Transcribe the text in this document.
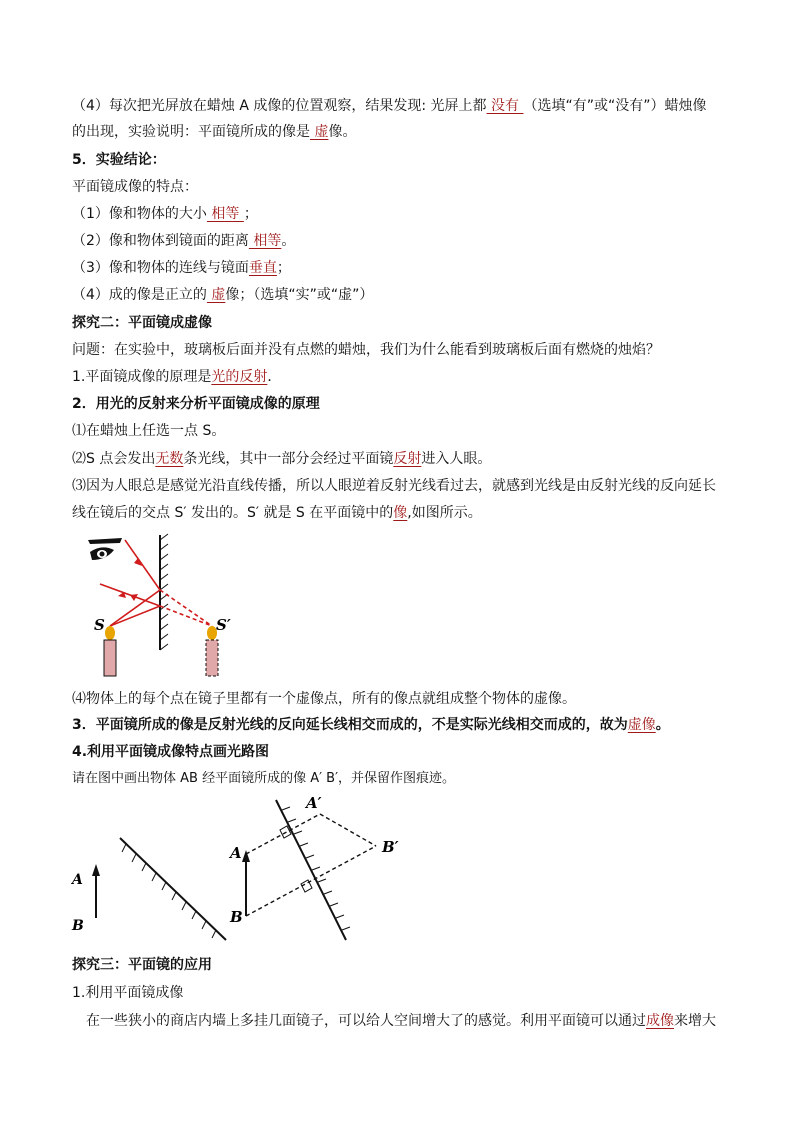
（4）每次把光屏放在蜡烛 A 成像的位置观察，结果发现: 光屏上都 没有 （选填“有”或“没有”）蜡烛像
的出现，实验说明：平面镜所成的像是 虚像。
5．实验结论：
平面镜成像的特点：
（1）像和物体的大小 相等 ；
（2）像和物体到镜面的距离 相等。
（3）像和物体的连线与镜面垂直；
（4）成的像是正立的 虚像；（选填“实”或“虚”）
探究二：平面镜成虚像
问题：在实验中，玻璃板后面并没有点燃的蜡烛，我们为什么能看到玻璃板后面有燃烧的烛焰？
1.平面镜成像的原理是光的反射．
2．用光的反射来分析平面镜成像的原理
⑴在蜡烛上任选一点 S。
⑵S 点会发出无数条光线，其中一部分会经过平面镜反射进入人眼。
⑶因为人眼总是感觉光沿直线传播，所以人眼逆着反射光线看过去，就感到光线是由反射光线的反向延长
线在镜后的交点 S′ 发出的。S′ 就是 S 在平面镜中的像,如图所示。
S	S′
⑷物体上的每个点在镜子里都有一个虚像点，所有的像点就组成整个物体的虚像。
3．平面镜所成的像是反射光线的反向延长线相交而成的，不是实际光线相交而成的，故为虚像。
4.利用平面镜成像特点画光路图
请在图中画出物体 AB 经平面镜所成的像 A′ B′，并保留作图痕迹。
A
B
A
B
A′
B′
探究三：平面镜的应用
1.利用平面镜成像
在一些狭小的商店内墙上多挂几面镜子，可以给人空间增大了的感觉。利用平面镜可以通过成像来增大
